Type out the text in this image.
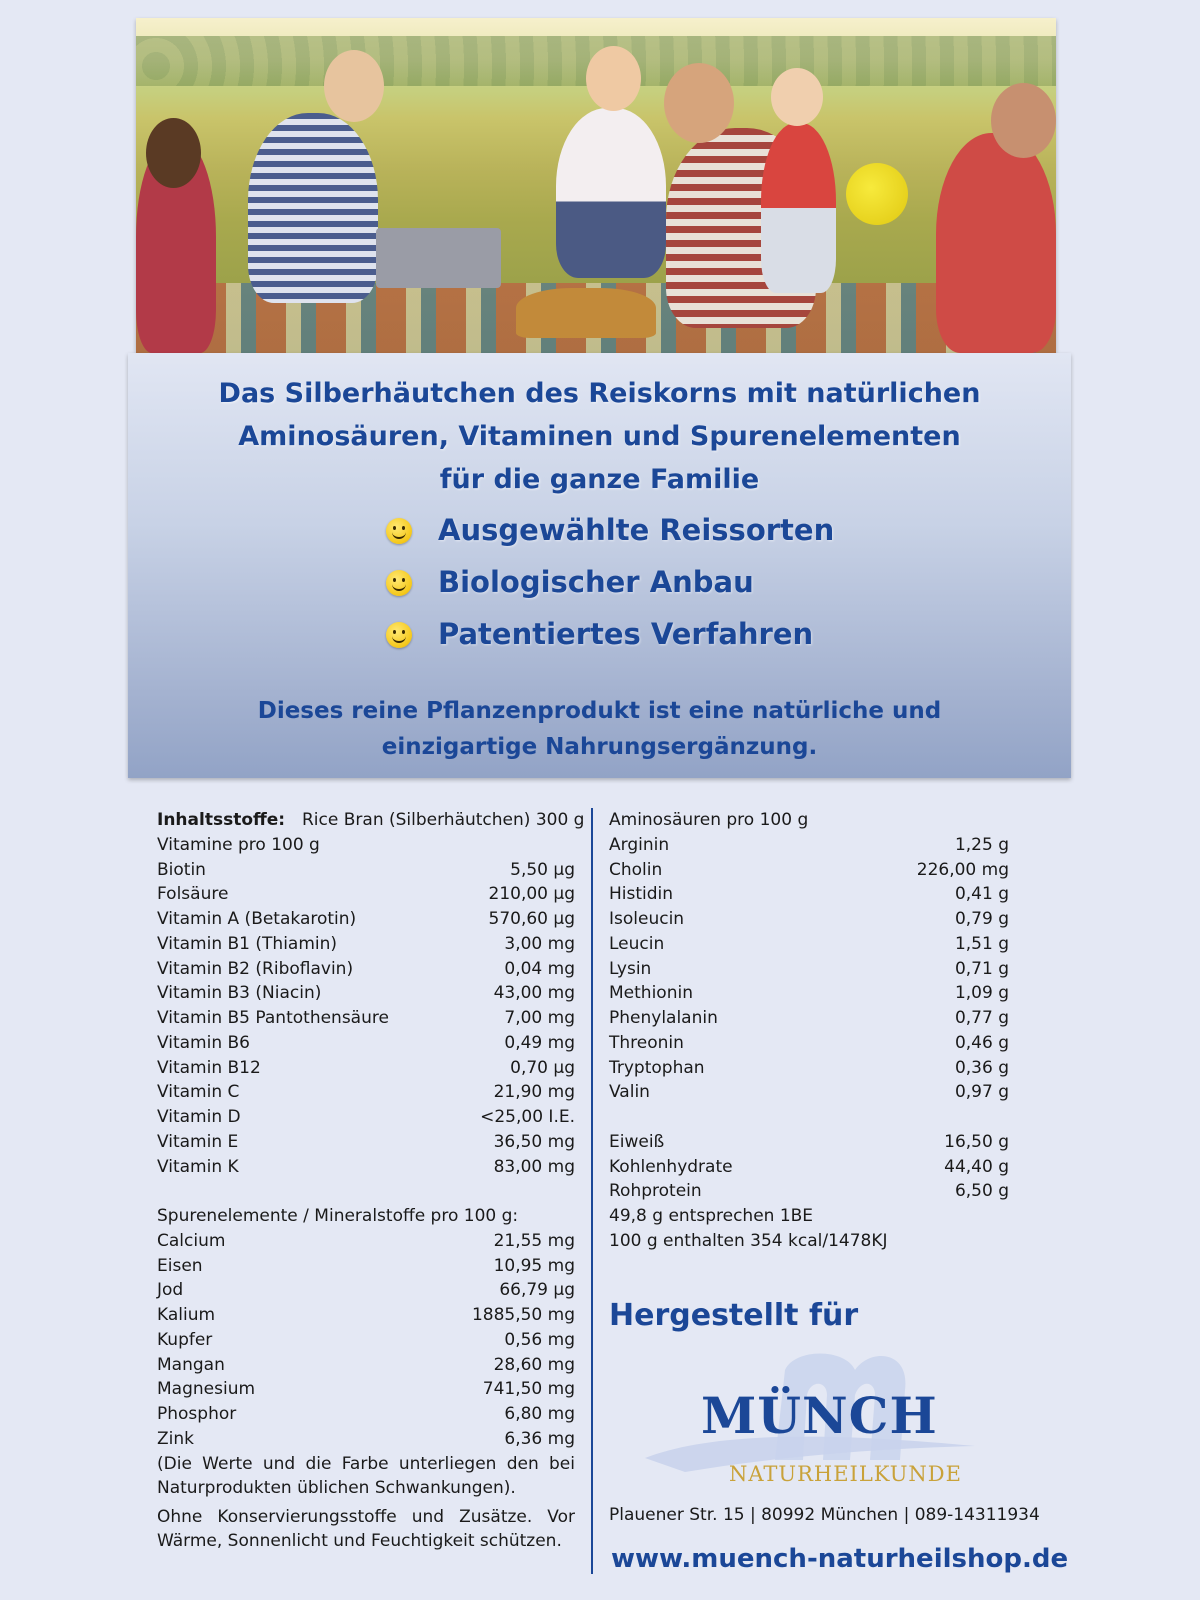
Das Silberhäutchen des Reiskorns mit natürlichen
Aminosäuren, Vitaminen und Spurenelementen
für die ganze Familie
Ausgewählte Reissorten
Biologischer Anbau
Patentiertes Verfahren
Dieses reine Pflanzenprodukt ist eine natürliche und
einzigartige Nahrungsergänzung.
Inhaltsstoffe: Rice Bran (Silberhäutchen) 300 g
Vitamine pro 100 g
Biotin	5,50 µg
Folsäure	210,00 µg
Vitamin A (Betakarotin)	570,60 µg
Vitamin B1 (Thiamin)	3,00 mg
Vitamin B2 (Riboflavin)	0,04 mg
Vitamin B3 (Niacin)	43,00 mg
Vitamin B5 Pantothensäure	7,00 mg
Vitamin B6	0,49 mg
Vitamin B12	0,70 µg
Vitamin C	21,90 mg
Vitamin D	<25,00 I.E.
Vitamin E	36,50 mg
Vitamin K	83,00 mg
Spurenelemente / Mineralstoffe pro 100 g:
Calcium	21,55 mg
Eisen	10,95 mg
Jod	66,79 µg
Kalium	1885,50 mg
Kupfer	0,56 mg
Mangan	28,60 mg
Magnesium	741,50 mg
Phosphor	6,80 mg
Zink	6,36 mg
(Die Werte und die Farbe unterliegen den bei Naturprodukten üblichen Schwankungen).
Ohne Konservierungsstoffe und Zusätze. Vor Wärme, Sonnenlicht und Feuchtigkeit schützen.
Aminosäuren pro 100 g
Arginin	1,25 g
Cholin	226,00 mg
Histidin	0,41 g
Isoleucin	0,79 g
Leucin	1,51 g
Lysin	0,71 g
Methionin	1,09 g
Phenylalanin	0,77 g
Threonin	0,46 g
Tryptophan	0,36 g
Valin	0,97 g
Eiweiß	16,50 g
Kohlenhydrate	44,40 g
Rohprotein	6,50 g
49,8 g entsprechen 1BE
100 g enthalten 354 kcal/1478KJ
Hergestellt für
MÜNCH
NATURHEILKUNDE
Plauener Str. 15 | 80992 München | 089-14311934
www.muench-naturheilshop.de
